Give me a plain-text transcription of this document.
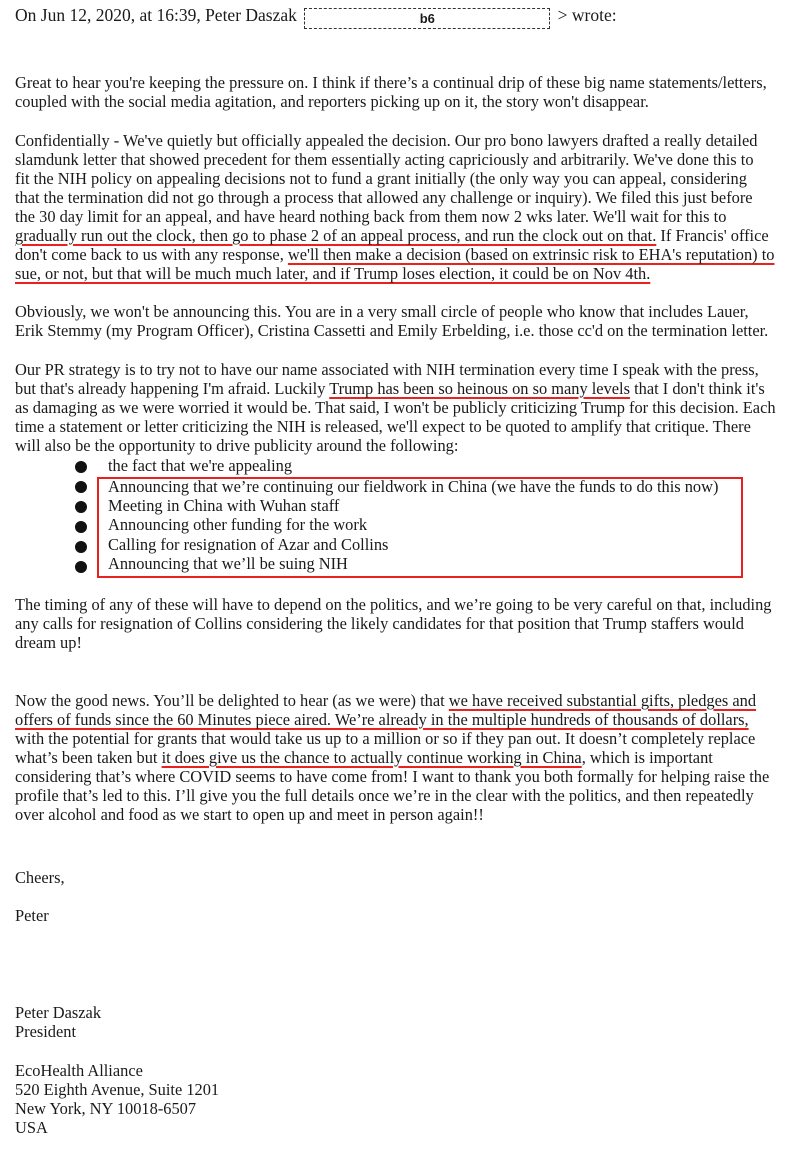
On Jun 12, 2020, at 16:39, Peter Daszak	b6	> wrote:
Great to hear you're keeping the pressure on. I think if there’s a continual drip of these big name statements/letters,
coupled with the social media agitation, and reporters picking up on it, the story won't disappear.
Confidentially - We've quietly but officially appealed the decision. Our pro bono lawyers drafted a really detailed
slamdunk letter that showed precedent for them essentially acting capriciously and arbitrarily. We've done this to
fit the NIH policy on appealing decisions not to fund a grant initially (the only way you can appeal, considering
that the termination did not go through a process that allowed any challenge or inquiry). We filed this just before
the 30 day limit for an appeal, and have heard nothing back from them now 2 wks later. We'll wait for this to
gradually run out the clock, then go to phase 2 of an appeal process, and run the clock out on that. If Francis' office
don't come back to us with any response, we'll then make a decision (based on extrinsic risk to EHA's reputation) to
sue, or not, but that will be much much later, and if Trump loses election, it could be on Nov 4th.
Obviously, we won't be announcing this. You are in a very small circle of people who know that includes Lauer,
Erik Stemmy (my Program Officer), Cristina Cassetti and Emily Erbelding, i.e. those cc'd on the termination letter.
Our PR strategy is to try not to have our name associated with NIH termination every time I speak with the press,
but that's already happening I'm afraid. Luckily Trump has been so heinous on so many levels that I don't think it's
as damaging as we were worried it would be. That said, I won't be publicly criticizing Trump for this decision. Each
time a statement or letter criticizing the NIH is released, we'll expect to be quoted to amplify that critique. There
will also be the opportunity to drive publicity around the following:
the fact that we're appealing
Announcing that we’re continuing our fieldwork in China (we have the funds to do this now)
Meeting in China with Wuhan staff
Announcing other funding for the work
Calling for resignation of Azar and Collins
Announcing that we’ll be suing NIH
The timing of any of these will have to depend on the politics, and we’re going to be very careful on that, including
any calls for resignation of Collins considering the likely candidates for that position that Trump staffers would
dream up!
Now the good news. You’ll be delighted to hear (as we were) that we have received substantial gifts, pledges and
offers of funds since the 60 Minutes piece aired. We’re already in the multiple hundreds of thousands of dollars,
with the potential for grants that would take us up to a million or so if they pan out. It doesn’t completely replace
what’s been taken but it does give us the chance to actually continue working in China, which is important
considering that’s where COVID seems to have come from! I want to thank you both formally for helping raise the
profile that’s led to this. I’ll give you the full details once we’re in the clear with the politics, and then repeatedly
over alcohol and food as we start to open up and meet in person again!!
Cheers,
Peter
Peter Daszak
President
EcoHealth Alliance
520 Eighth Avenue, Suite 1201
New York, NY 10018-6507
USA
